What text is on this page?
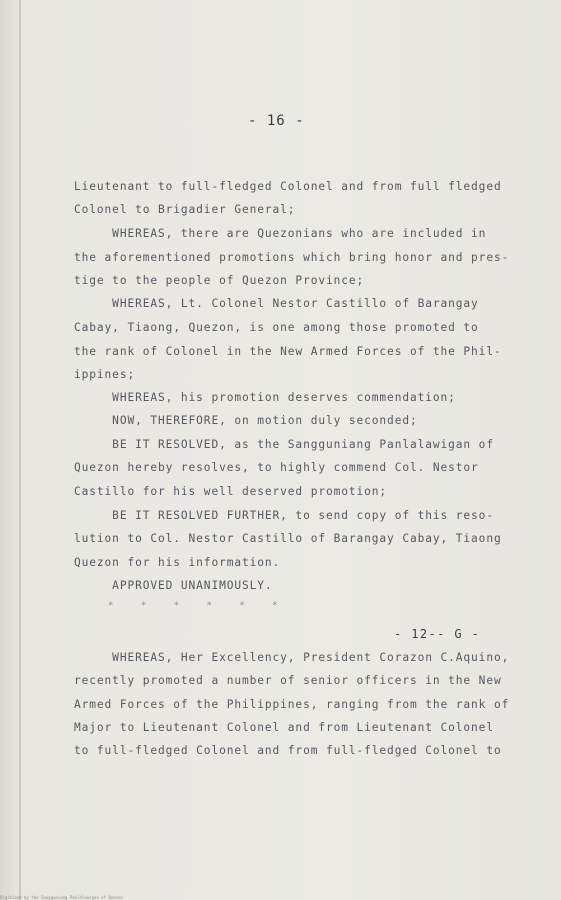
- 16 -
Lieutenant to full-fledged Colonel and from full fledged
Colonel to Brigadier General;
WHEREAS, there are Quezonians who are included in
the aforementioned promotions which bring honor and pres-
tige to the people of Quezon Province;
WHEREAS, Lt. Colonel Nestor Castillo of Barangay
Cabay, Tiaong, Quezon, is one among those promoted to
the rank of Colonel in the New Armed Forces of the Phil-
ippines;
WHEREAS, his promotion deserves commendation;
NOW, THEREFORE, on motion duly seconded;
BE IT RESOLVED, as the Sangguniang Panlalawigan of
Quezon hereby resolves, to highly commend Col. Nestor
Castillo for his well deserved promotion;
BE IT RESOLVED FURTHER, to send copy of this reso-
lution to Col. Nestor Castillo of Barangay Cabay, Tiaong
Quezon for his information.
APPROVED UNANIMOUSLY.
* * * * * *
- 12-- G -
WHEREAS, Her Excellency, President Corazon C.Aquino,
recently promoted a number of senior officers in the New
Armed Forces of the Philippines, ranging from the rank of
Major to Lieutenant Colonel and from Lieutenant Colonel
to full-fledged Colonel and from full-fledged Colonel to
Digitized by the Sangguniang Panlalawigan of Quezon
